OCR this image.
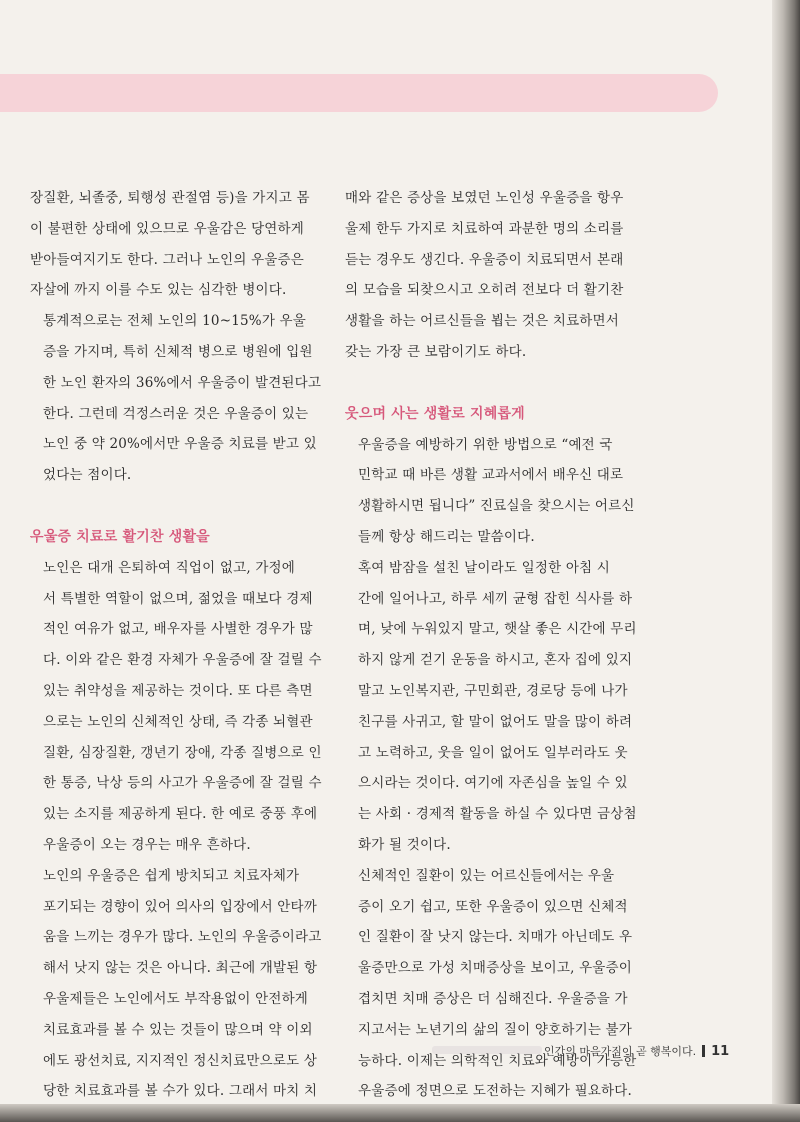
장질환, 뇌졸중, 퇴행성 관절염 등)을 가지고 몸
이 불편한 상태에 있으므로 우울감은 당연하게
받아들여지기도 한다. 그러나 노인의 우울증은
자살에 까지 이를 수도 있는 심각한 병이다.
통계적으로는 전체 노인의 10~15%가 우울
증을 가지며, 특히 신체적 병으로 병원에 입원
한 노인 환자의 36%에서 우울증이 발견된다고
한다. 그런데 걱정스러운 것은 우울증이 있는
노인 중 약 20%에서만 우울증 치료를 받고 있
었다는 점이다.
우울증 치료로 활기찬 생활을
노인은 대개 은퇴하여 직업이 없고, 가정에
서 특별한 역할이 없으며, 젊었을 때보다 경제
적인 여유가 없고, 배우자를 사별한 경우가 많
다. 이와 같은 환경 자체가 우울증에 잘 걸릴 수
있는 취약성을 제공하는 것이다. 또 다른 측면
으로는 노인의 신체적인 상태, 즉 각종 뇌혈관
질환, 심장질환, 갱년기 장애, 각종 질병으로 인
한 통증, 낙상 등의 사고가 우울증에 잘 걸릴 수
있는 소지를 제공하게 된다. 한 예로 중풍 후에
우울증이 오는 경우는 매우 흔하다.
노인의 우울증은 쉽게 방치되고 치료자체가
포기되는 경향이 있어 의사의 입장에서 안타까
움을 느끼는 경우가 많다. 노인의 우울증이라고
해서 낫지 않는 것은 아니다. 최근에 개발된 항
우울제들은 노인에서도 부작용없이 안전하게
치료효과를 볼 수 있는 것들이 많으며 약 이외
에도 광선치료, 지지적인 정신치료만으로도 상
당한 치료효과를 볼 수가 있다. 그래서 마치 치
매와 같은 증상을 보였던 노인성 우울증을 항우
울제 한두 가지로 치료하여 과분한 명의 소리를
듣는 경우도 생긴다. 우울증이 치료되면서 본래
의 모습을 되찾으시고 오히려 전보다 더 활기찬
생활을 하는 어르신들을 뵙는 것은 치료하면서
갖는 가장 큰 보람이기도 하다.
웃으며 사는 생활로 지혜롭게
우울증을 예방하기 위한 방법으로 “예전 국
민학교 때 바른 생활 교과서에서 배우신 대로
생활하시면 됩니다” 진료실을 찾으시는 어르신
들께 항상 해드리는 말씀이다.
혹여 밤잠을 설친 날이라도 일정한 아침 시
간에 일어나고, 하루 세끼 균형 잡힌 식사를 하
며, 낮에 누워있지 말고, 햇살 좋은 시간에 무리
하지 않게 걷기 운동을 하시고, 혼자 집에 있지
말고 노인복지관, 구민회관, 경로당 등에 나가
친구를 사귀고, 할 말이 없어도 말을 많이 하려
고 노력하고, 웃을 일이 없어도 일부러라도 웃
으시라는 것이다. 여기에 자존심을 높일 수 있
는 사회 · 경제적 활동을 하실 수 있다면 금상첨
화가 될 것이다.
신체적인 질환이 있는 어르신들에서는 우울
증이 오기 쉽고, 또한 우울증이 있으면 신체적
인 질환이 잘 낫지 않는다. 치매가 아닌데도 우
울증만으로 가성 치매증상을 보이고, 우울증이
겹치면 치매 증상은 더 심해진다. 우울증을 가
지고서는 노년기의 삶의 질이 양호하기는 불가
능하다. 이제는 의학적인 치료와 예방이 가능한
우울증에 정면으로 도전하는 지혜가 필요하다.
인간의 마음가짐이 곧 행복이다. 11
